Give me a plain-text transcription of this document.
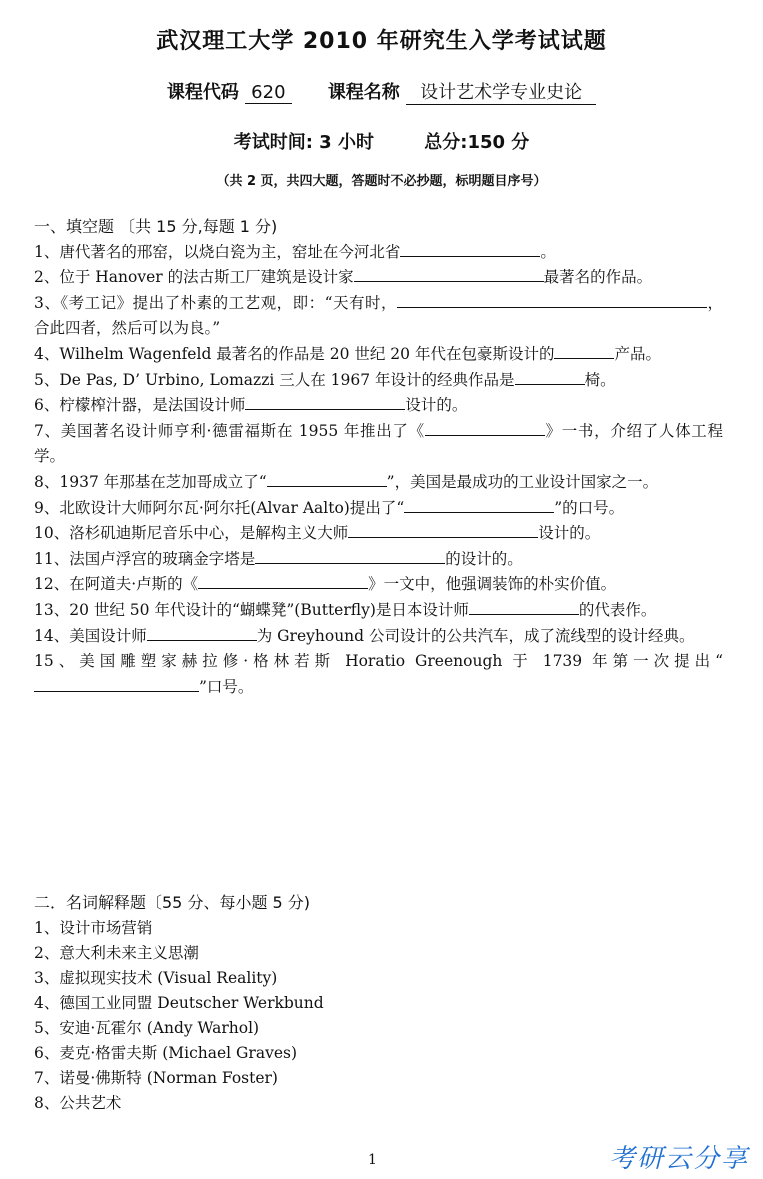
武汉理工大学 2010 年研究生入学考试试题
课程代码 620 课程名称 设计艺术学专业史论
考试时间: 3 小时	总分:150 分
（共 2 页，共四大题，答题时不必抄题，标明题目序号）
一、填空题 〔共 15 分,每题 1 分)

1、唐代著名的邢窑，以烧白瓷为主，窑址在今河北省	。

2、位于 Hanover 的法古斯工厂建筑是设计家	最著名的作品。

3、《考工记》提出了朴素的工艺观，即：“天有时，	，合此四者，然后可以为良。”

4、Wilhelm Wagenfeld 最著名的作品是 20 世纪 20 年代在包豪斯设计的	产品。

5、De Pas, D’ Urbino, Lomazzi 三人在 1967 年设计的经典作品是	椅。

6、柠檬榨汁器，是法国设计师	设计的。

7、美国著名设计师亨利·德雷福斯在 1955 年推出了《	》一书，介绍了人体工程学。

8、1937 年那基在芝加哥成立了“	”，美国是最成功的工业设计国家之一。

9、北欧设计大师阿尔瓦·阿尔托(Alvar Aalto)提出了“	”的口号。

10、洛杉矶迪斯尼音乐中心，是解构主义大师	设计的。

11、法国卢浮宫的玻璃金字塔是	的设计的。

12、在阿道夫·卢斯的《	》一文中，他强调装饰的朴实价值。

13、20 世纪 50 年代设计的“蝴蝶凳”(Butterfly)是日本设计师	的代表作。

14、美国设计师	为 Greyhound 公司设计的公共汽车，成了流线型的设计经典。

15、美国雕塑家赫拉修·格林若斯 Horatio Greenough 于 1739 年第一次提出“”口号。

二．名词解释题〔55 分、每小题 5 分)

1、设计市场营销

2、意大利未来主义思潮

3、虚拟现实技术 (Visual Reality)

4、德国工业同盟 Deutscher Werkbund

5、安迪·瓦霍尔 (Andy Warhol)

6、麦克·格雷夫斯 (Michael Graves)

7、诺曼·佛斯特 (Norman Foster)

8、公共艺术

1	考研云分享
